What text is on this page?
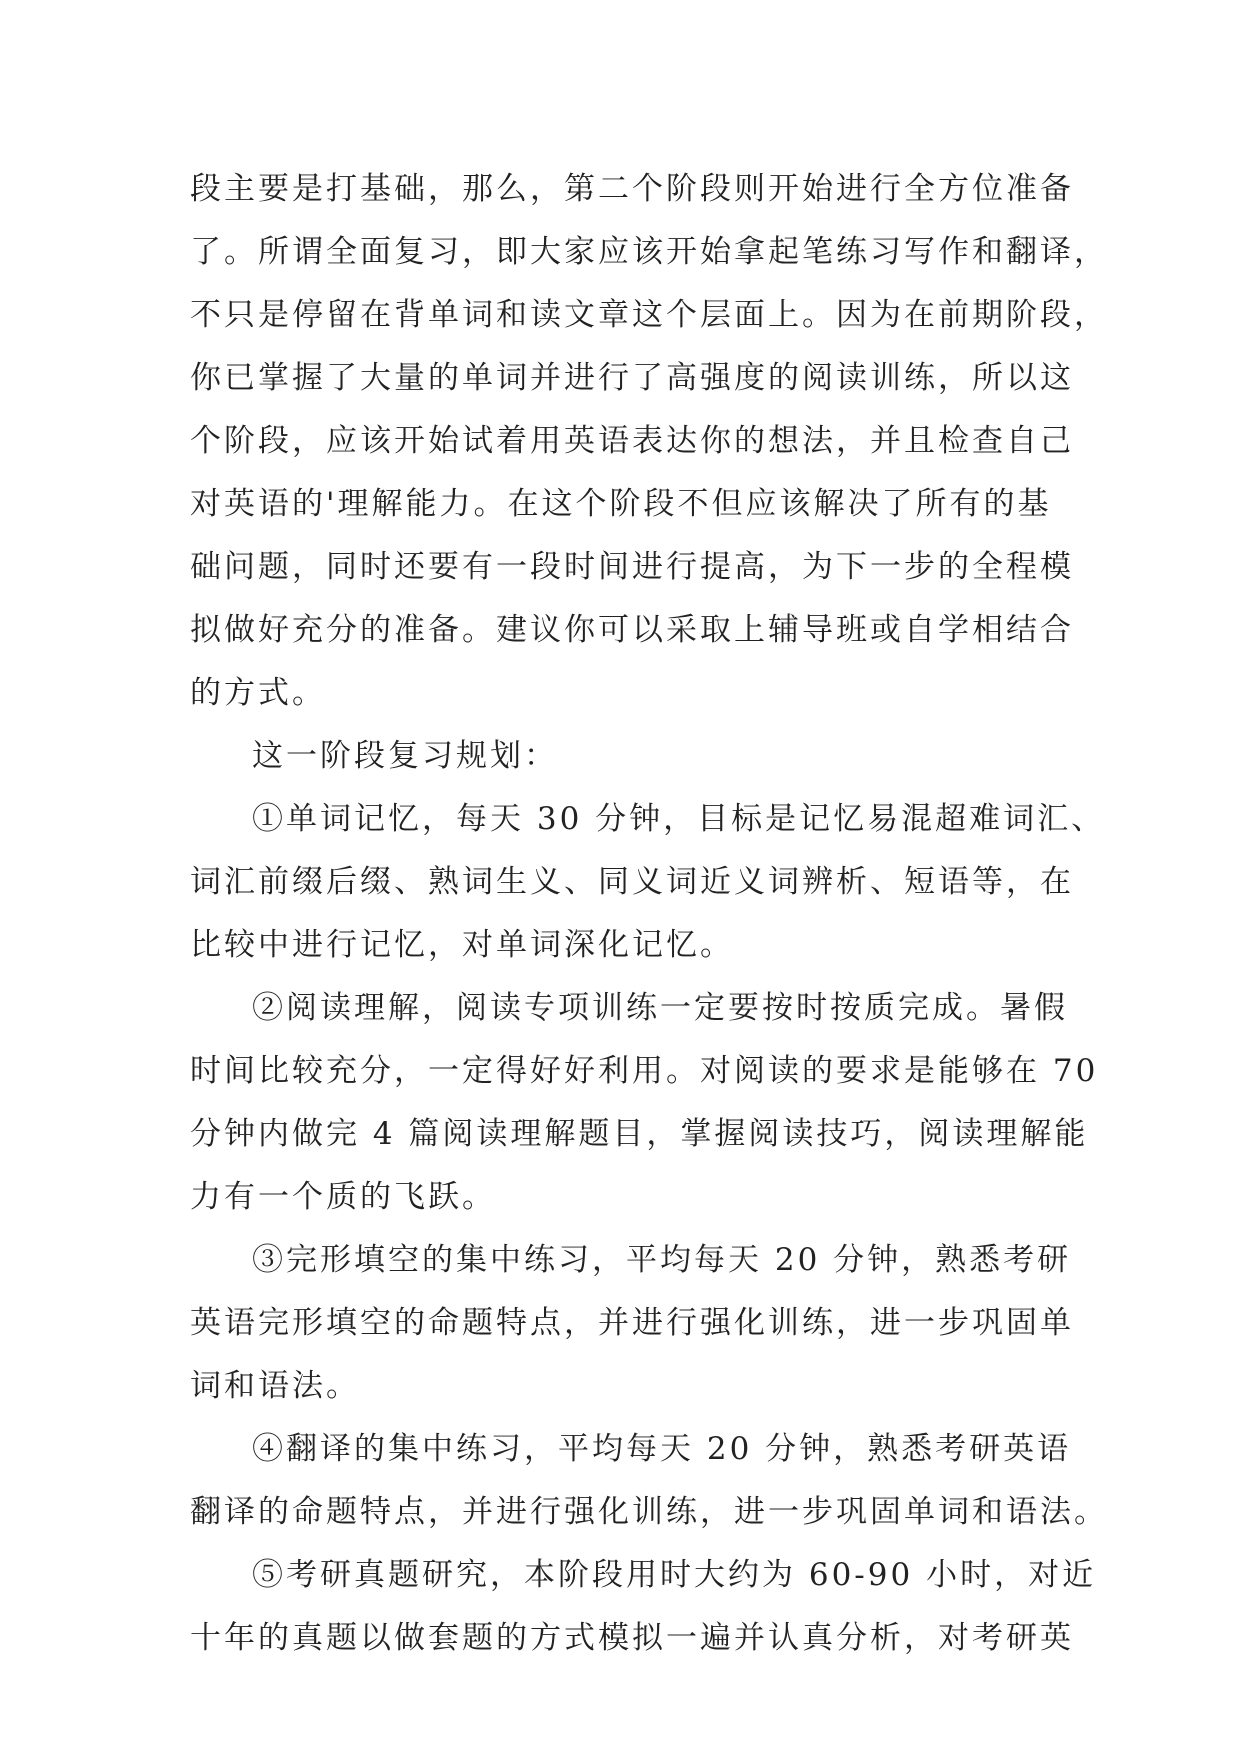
段主要是打基础，那么，第二个阶段则开始进行全方位准备
了。所谓全面复习，即大家应该开始拿起笔练习写作和翻译，
不只是停留在背单词和读文章这个层面上。因为在前期阶段，
你已掌握了大量的单词并进行了高强度的阅读训练，所以这
个阶段，应该开始试着用英语表达你的想法，并且检查自己
对英语的'理解能力。在这个阶段不但应该解决了所有的基
础问题，同时还要有一段时间进行提高，为下一步的全程模
拟做好充分的准备。建议你可以采取上辅导班或自学相结合
的方式。
这一阶段复习规划：
①单词记忆，每天 30 分钟，目标是记忆易混超难词汇、
词汇前缀后缀、熟词生义、同义词近义词辨析、短语等，在
比较中进行记忆，对单词深化记忆。
②阅读理解，阅读专项训练一定要按时按质完成。暑假
时间比较充分，一定得好好利用。对阅读的要求是能够在 70
分钟内做完 4 篇阅读理解题目，掌握阅读技巧，阅读理解能
力有一个质的飞跃。
③完形填空的集中练习，平均每天 20 分钟，熟悉考研
英语完形填空的命题特点，并进行强化训练，进一步巩固单
词和语法。
④翻译的集中练习，平均每天 20 分钟，熟悉考研英语
翻译的命题特点，并进行强化训练，进一步巩固单词和语法。
⑤考研真题研究，本阶段用时大约为 60-90 小时，对近
十年的真题以做套题的方式模拟一遍并认真分析，对考研英
